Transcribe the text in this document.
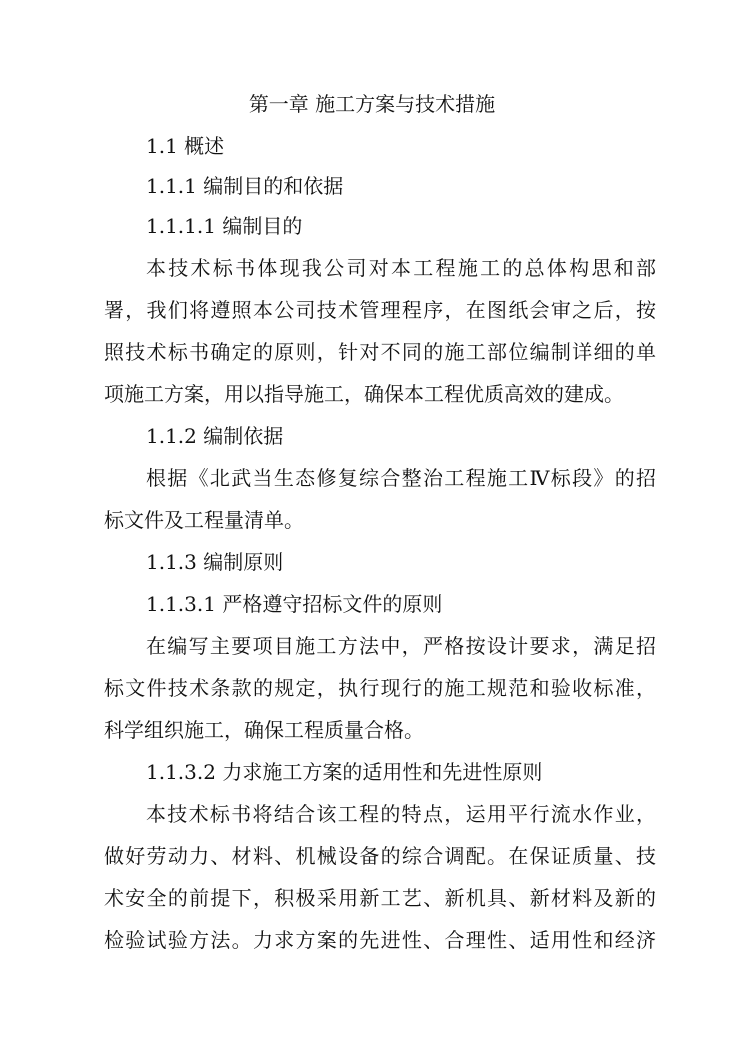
第一章 施工方案与技术措施
1.1 概述
1.1.1 编制目的和依据
1.1.1.1 编制目的
本技术标书体现我公司对本工程施工的总体构思和部
署，我们将遵照本公司技术管理程序，在图纸会审之后，按
照技术标书确定的原则，针对不同的施工部位编制详细的单
项施工方案，用以指导施工，确保本工程优质高效的建成。
1.1.2 编制依据
根据《北武当生态修复综合整治工程施工Ⅳ标段》的招
标文件及工程量清单。
1.1.3 编制原则
1.1.3.1 严格遵守招标文件的原则
在编写主要项目施工方法中，严格按设计要求，满足招
标文件技术条款的规定，执行现行的施工规范和验收标准，
科学组织施工，确保工程质量合格。
1.1.3.2 力求施工方案的适用性和先进性原则
本技术标书将结合该工程的特点，运用平行流水作业，
做好劳动力、材料、机械设备的综合调配。在保证质量、技
术安全的前提下，积极采用新工艺、新机具、新材料及新的
检验试验方法。力求方案的先进性、合理性、适用性和经济
